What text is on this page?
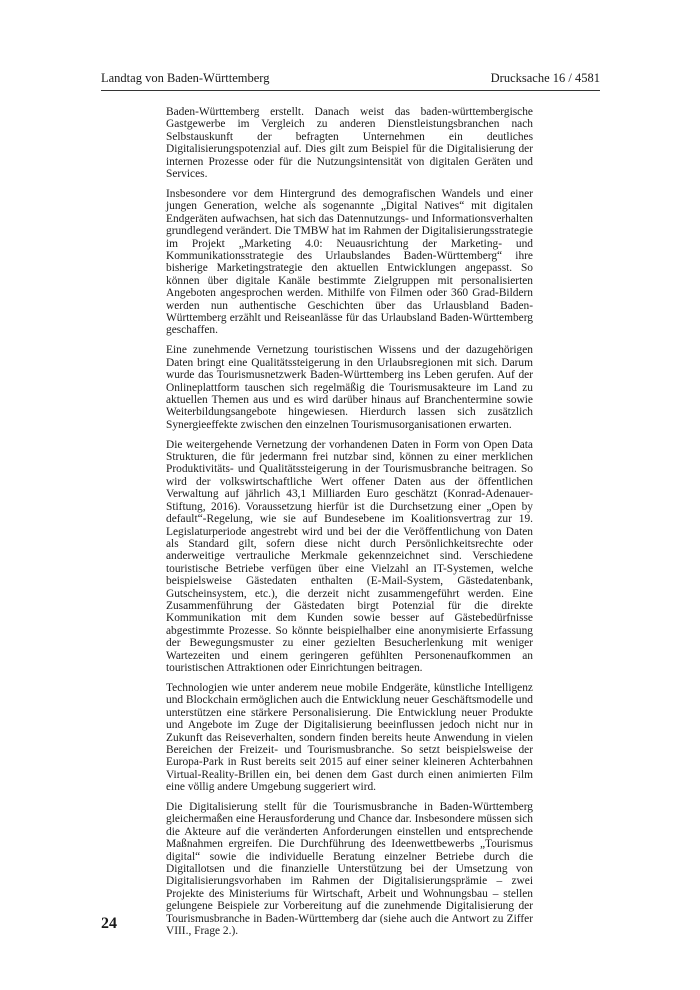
Landtag von Baden-Württemberg	Drucksache 16 / 4581

Baden-Württemberg erstellt. Danach weist das baden-württembergische Gastgewerbe im Vergleich zu anderen Dienstleistungsbranchen nach Selbstauskunft der befragten Unternehmen ein deutliches Digitalisierungspotenzial auf. Dies gilt zum Beispiel für die Digitalisierung der internen Prozesse oder für die Nutzungsintensität von digitalen Geräten und Services.

Insbesondere vor dem Hintergrund des demografischen Wandels und einer jungen Generation, welche als sogenannte „Digital Natives“ mit digitalen Endgeräten aufwachsen, hat sich das Datennutzungs- und Informationsverhalten grundlegend verändert. Die TMBW hat im Rahmen der Digitalisierungsstrategie im Projekt „Marketing 4.0: Neuausrichtung der Marketing- und Kommunikationsstrategie des Urlaubslandes Baden-Württemberg“ ihre bisherige Marketingstrategie den aktuellen Entwicklungen angepasst. So können über digitale Kanäle bestimmte Zielgruppen mit personalisierten Angeboten angesprochen werden. Mithilfe von Filmen oder 360 Grad-Bildern werden nun authentische Geschichten über das Urlausbland Baden-Württemberg erzählt und Reiseanlässe für das Urlaubsland Baden-Württemberg geschaffen.

Eine zunehmende Vernetzung touristischen Wissens und der dazugehörigen Daten bringt eine Qualitätssteigerung in den Urlaubsregionen mit sich. Darum wurde das Tourismusnetzwerk Baden-Württemberg ins Leben gerufen. Auf der Onlineplattform tauschen sich regelmäßig die Tourismusakteure im Land zu aktuellen Themen aus und es wird darüber hinaus auf Branchentermine sowie Weiterbildungsangebote hingewiesen. Hierdurch lassen sich zusätzlich Synergieeffekte zwischen den einzelnen Tourismusorganisationen erwarten.

Die weitergehende Vernetzung der vorhandenen Daten in Form von Open Data Strukturen, die für jedermann frei nutzbar sind, können zu einer merklichen Produktivitäts- und Qualitätssteigerung in der Tourismusbranche beitragen. So wird der volkswirtschaftliche Wert offener Daten aus der öffentlichen Verwaltung auf jährlich 43,1 Milliarden Euro geschätzt (Konrad-Adenauer-Stiftung, 2016). Voraussetzung hierfür ist die Durchsetzung einer „Open by default“-Regelung, wie sie auf Bundesebene im Koalitionsvertrag zur 19. Legislaturperiode angestrebt wird und bei der die Veröffentlichung von Daten als Standard gilt, sofern diese nicht durch Persönlichkeitsrechte oder anderweitige vertrauliche Merkmale gekennzeichnet sind. Verschiedene touristische Betriebe verfügen über eine Vielzahl an IT-Systemen, welche beispielsweise Gästedaten enthalten (E-Mail-System, Gästedatenbank, Gutscheinsystem, etc.), die derzeit nicht zusammengeführt werden. Eine Zusammenführung der Gästedaten birgt Potenzial für die direkte Kommunikation mit dem Kunden sowie besser auf Gästebedürfnisse abgestimmte Prozesse. So könnte beispielhalber eine anonymisierte Erfassung der Bewegungsmuster zu einer gezielten Besucherlenkung mit weniger Wartezeiten und einem geringeren gefühlten Personenaufkommen an touristischen Attraktionen oder Einrichtungen beitragen.

Technologien wie unter anderem neue mobile Endgeräte, künstliche Intelligenz und Blockchain ermöglichen auch die Entwicklung neuer Geschäftsmodelle und unterstützen eine stärkere Personalisierung. Die Entwicklung neuer Produkte und Angebote im Zuge der Digitalisierung beeinflussen jedoch nicht nur in Zukunft das Reiseverhalten, sondern finden bereits heute Anwendung in vielen Bereichen der Freizeit- und Tourismusbranche. So setzt beispielsweise der Europa-Park in Rust bereits seit 2015 auf einer seiner kleineren Achterbahnen Virtual-Reality-Brillen ein, bei denen dem Gast durch einen animierten Film eine völlig andere Umgebung suggeriert wird.

Die Digitalisierung stellt für die Tourismusbranche in Baden-Württemberg gleichermaßen eine Herausforderung und Chance dar. Insbesondere müssen sich die Akteure auf die veränderten Anforderungen einstellen und entsprechende Maßnahmen ergreifen. Die Durchführung des Ideenwettbewerbs „Tourismus digital“ sowie die individuelle Beratung einzelner Betriebe durch die Digitallotsen und die finanzielle Unterstützung bei der Umsetzung von Digitalisierungsvorhaben im Rahmen der Digitalisierungsprämie – zwei Projekte des Ministeriums für Wirtschaft, Arbeit und Wohnungsbau – stellen gelungene Beispiele zur Vorbereitung auf die zunehmende Digitalisierung der Tourismusbranche in Baden-Württemberg dar (siehe auch die Antwort zu Ziffer VIII., Frage 2.).

24
